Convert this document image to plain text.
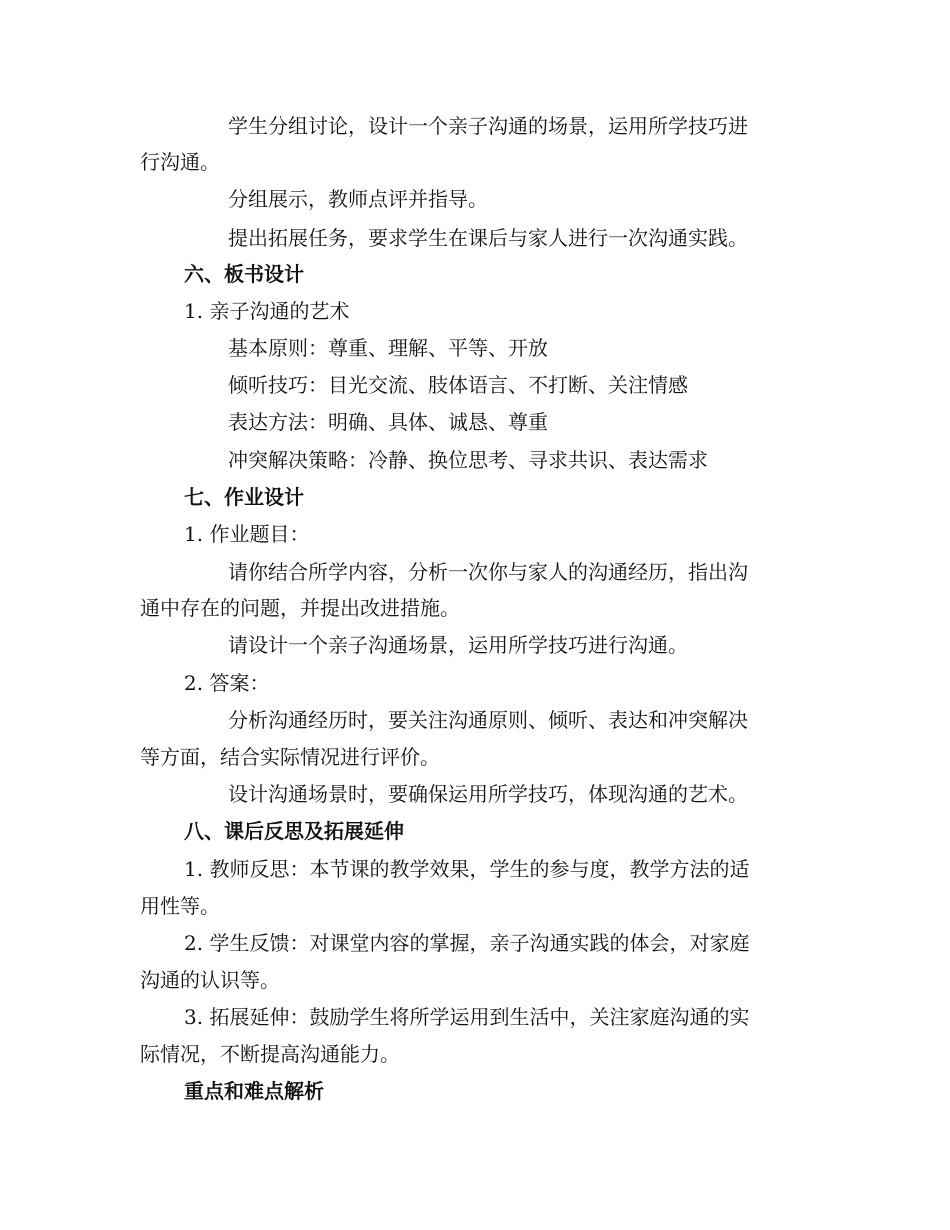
学生分组讨论，设计一个亲子沟通的场景，运用所学技巧进
行沟通。
分组展示，教师点评并指导。
提出拓展任务，要求学生在课后与家人进行一次沟通实践。
六、板书设计
1. 亲子沟通的艺术
基本原则：尊重、理解、平等、开放
倾听技巧：目光交流、肢体语言、不打断、关注情感
表达方法：明确、具体、诚恳、尊重
冲突解决策略：冷静、换位思考、寻求共识、表达需求
七、作业设计
1. 作业题目：
请你结合所学内容，分析一次你与家人的沟通经历，指出沟
通中存在的问题，并提出改进措施。
请设计一个亲子沟通场景，运用所学技巧进行沟通。
2. 答案：
分析沟通经历时，要关注沟通原则、倾听、表达和冲突解决
等方面，结合实际情况进行评价。
设计沟通场景时，要确保运用所学技巧，体现沟通的艺术。
八、课后反思及拓展延伸
1. 教师反思：本节课的教学效果，学生的参与度，教学方法的适
用性等。
2. 学生反馈：对课堂内容的掌握，亲子沟通实践的体会，对家庭
沟通的认识等。
3. 拓展延伸：鼓励学生将所学运用到生活中，关注家庭沟通的实
际情况，不断提高沟通能力。
重点和难点解析
